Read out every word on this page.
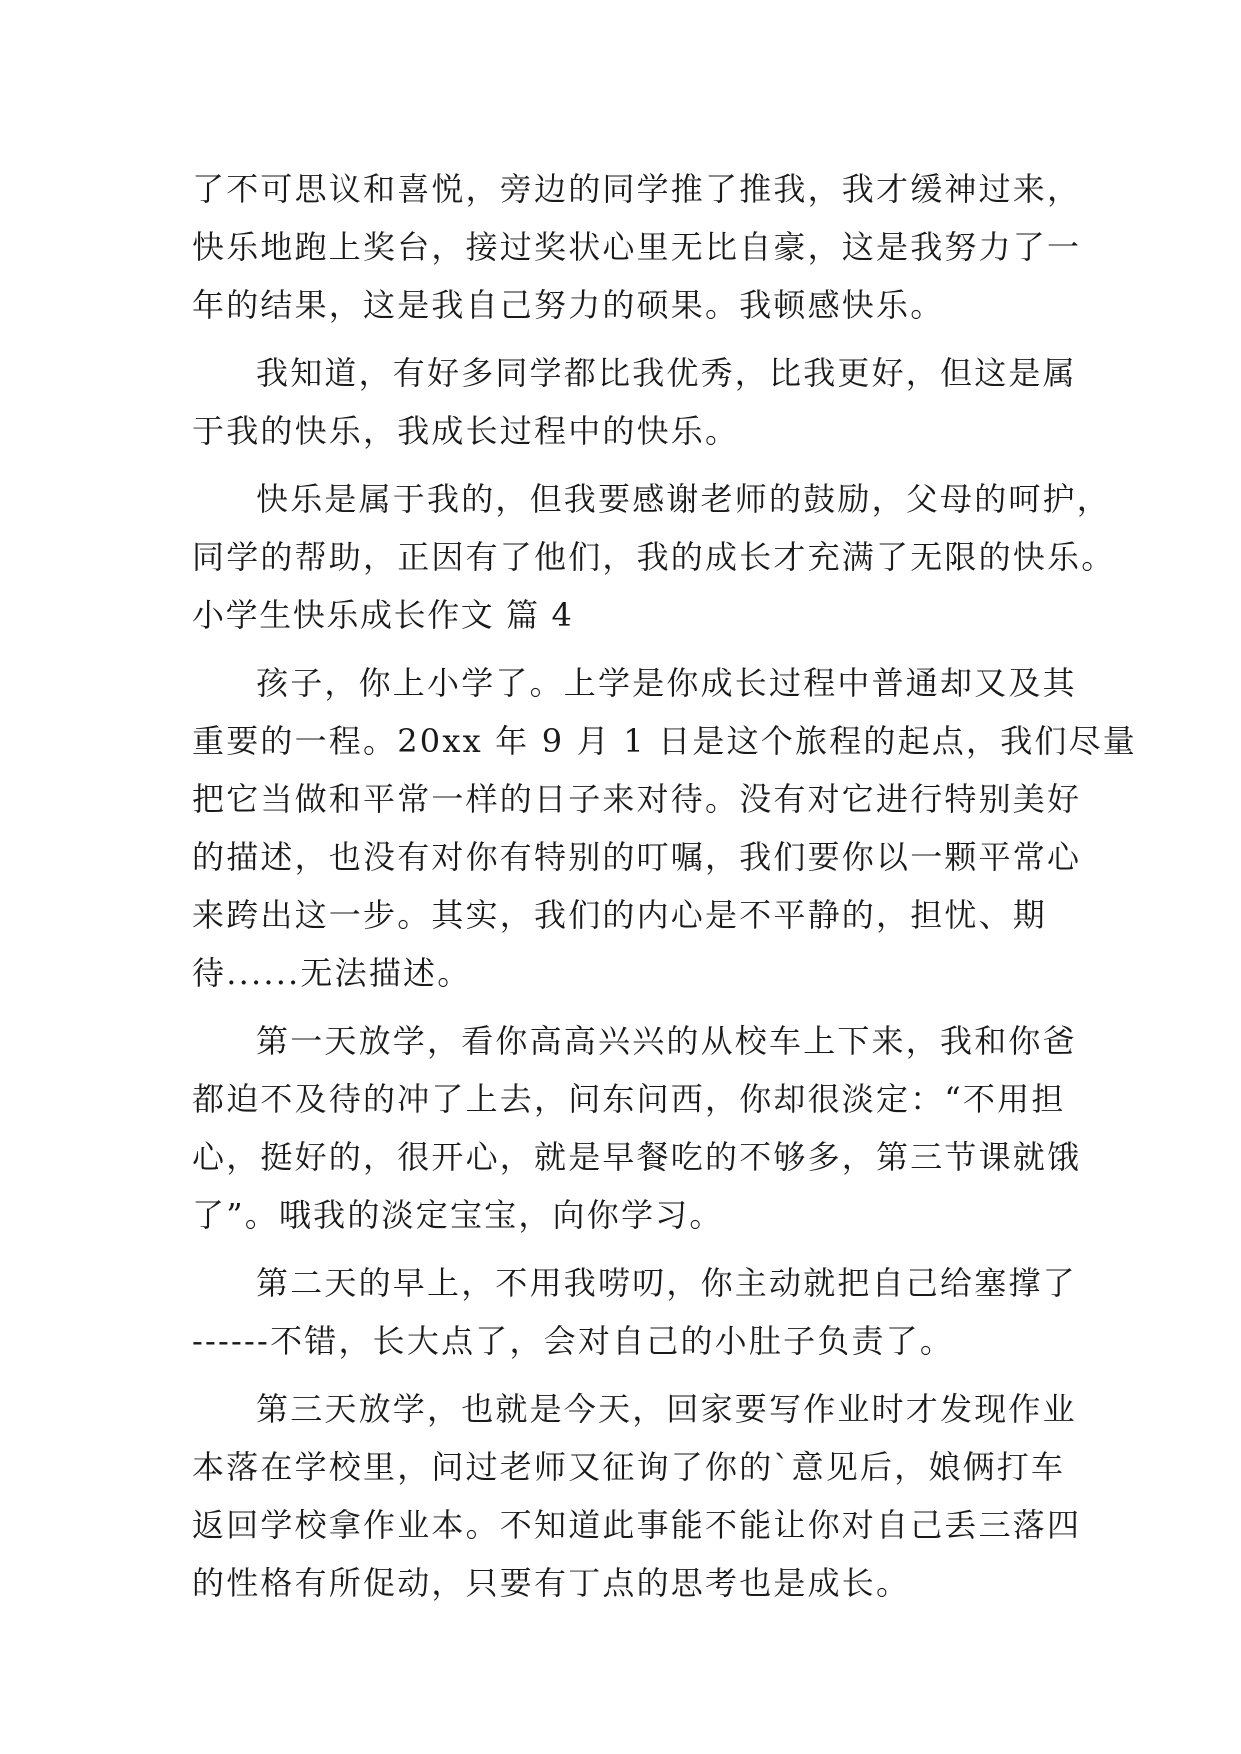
了不可思议和喜悦，旁边的同学推了推我，我才缓神过来，
快乐地跑上奖台，接过奖状心里无比自豪，这是我努力了一
年的结果，这是我自己努力的硕果。我顿感快乐。
我知道，有好多同学都比我优秀，比我更好，但这是属
于我的快乐，我成长过程中的快乐。
快乐是属于我的，但我要感谢老师的鼓励，父母的呵护，
同学的帮助，正因有了他们，我的成长才充满了无限的快乐。
小学生快乐成长作文 篇 4
孩子，你上小学了。上学是你成长过程中普通却又及其
重要的一程。20xx 年 9 月 1 日是这个旅程的起点，我们尽量
把它当做和平常一样的日子来对待。没有对它进行特别美好
的描述，也没有对你有特别的叮嘱，我们要你以一颗平常心
来跨出这一步。其实，我们的内心是不平静的，担忧、期
待......无法描述。
第一天放学，看你高高兴兴的从校车上下来，我和你爸
都迫不及待的冲了上去，问东问西，你却很淡定：“不用担
心，挺好的，很开心，就是早餐吃的不够多，第三节课就饿
了”。哦我的淡定宝宝，向你学习。
第二天的早上，不用我唠叨，你主动就把自己给塞撑了
------不错，长大点了，会对自己的小肚子负责了。
第三天放学，也就是今天，回家要写作业时才发现作业
本落在学校里，问过老师又征询了你的`意见后，娘俩打车
返回学校拿作业本。不知道此事能不能让你对自己丢三落四
的性格有所促动，只要有丁点的思考也是成长。
